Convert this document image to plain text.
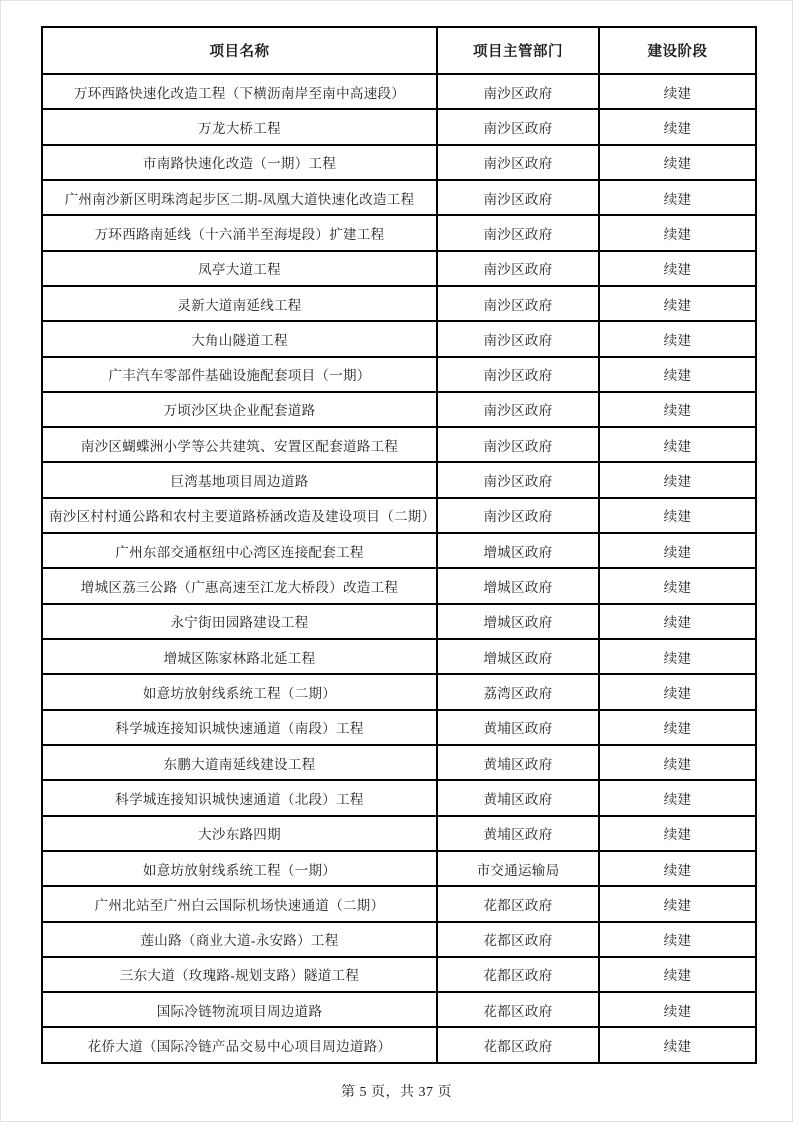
项目名称	项目主管部门	建设阶段
万环西路快速化改造工程（下横沥南岸至南中高速段）	南沙区政府	续建
万龙大桥工程	南沙区政府	续建
市南路快速化改造（一期）工程	南沙区政府	续建
广州南沙新区明珠湾起步区二期-凤凰大道快速化改造工程	南沙区政府	续建
万环西路南延线（十六涌半至海堤段）扩建工程	南沙区政府	续建
凤亭大道工程	南沙区政府	续建
灵新大道南延线工程	南沙区政府	续建
大角山隧道工程	南沙区政府	续建
广丰汽车零部件基础设施配套项目（一期）	南沙区政府	续建
万顷沙区块企业配套道路	南沙区政府	续建
南沙区蝴蝶洲小学等公共建筑、安置区配套道路工程	南沙区政府	续建
巨湾基地项目周边道路	南沙区政府	续建
南沙区村村通公路和农村主要道路桥涵改造及建设项目（二期）	南沙区政府	续建
广州东部交通枢纽中心湾区连接配套工程	增城区政府	续建
增城区荔三公路（广惠高速至江龙大桥段）改造工程	增城区政府	续建
永宁街田园路建设工程	增城区政府	续建
增城区陈家林路北延工程	增城区政府	续建
如意坊放射线系统工程（二期）	荔湾区政府	续建
科学城连接知识城快速通道（南段）工程	黄埔区政府	续建
东鹏大道南延线建设工程	黄埔区政府	续建
科学城连接知识城快速通道（北段）工程	黄埔区政府	续建
大沙东路四期	黄埔区政府	续建
如意坊放射线系统工程（一期）	市交通运输局	续建
广州北站至广州白云国际机场快速通道（二期）	花都区政府	续建
莲山路（商业大道-永安路）工程	花都区政府	续建
三东大道（玫瑰路-规划支路）隧道工程	花都区政府	续建
国际冷链物流项目周边道路	花都区政府	续建
花侨大道（国际冷链产品交易中心项目周边道路）	花都区政府	续建
第 5 页，共 37 页
